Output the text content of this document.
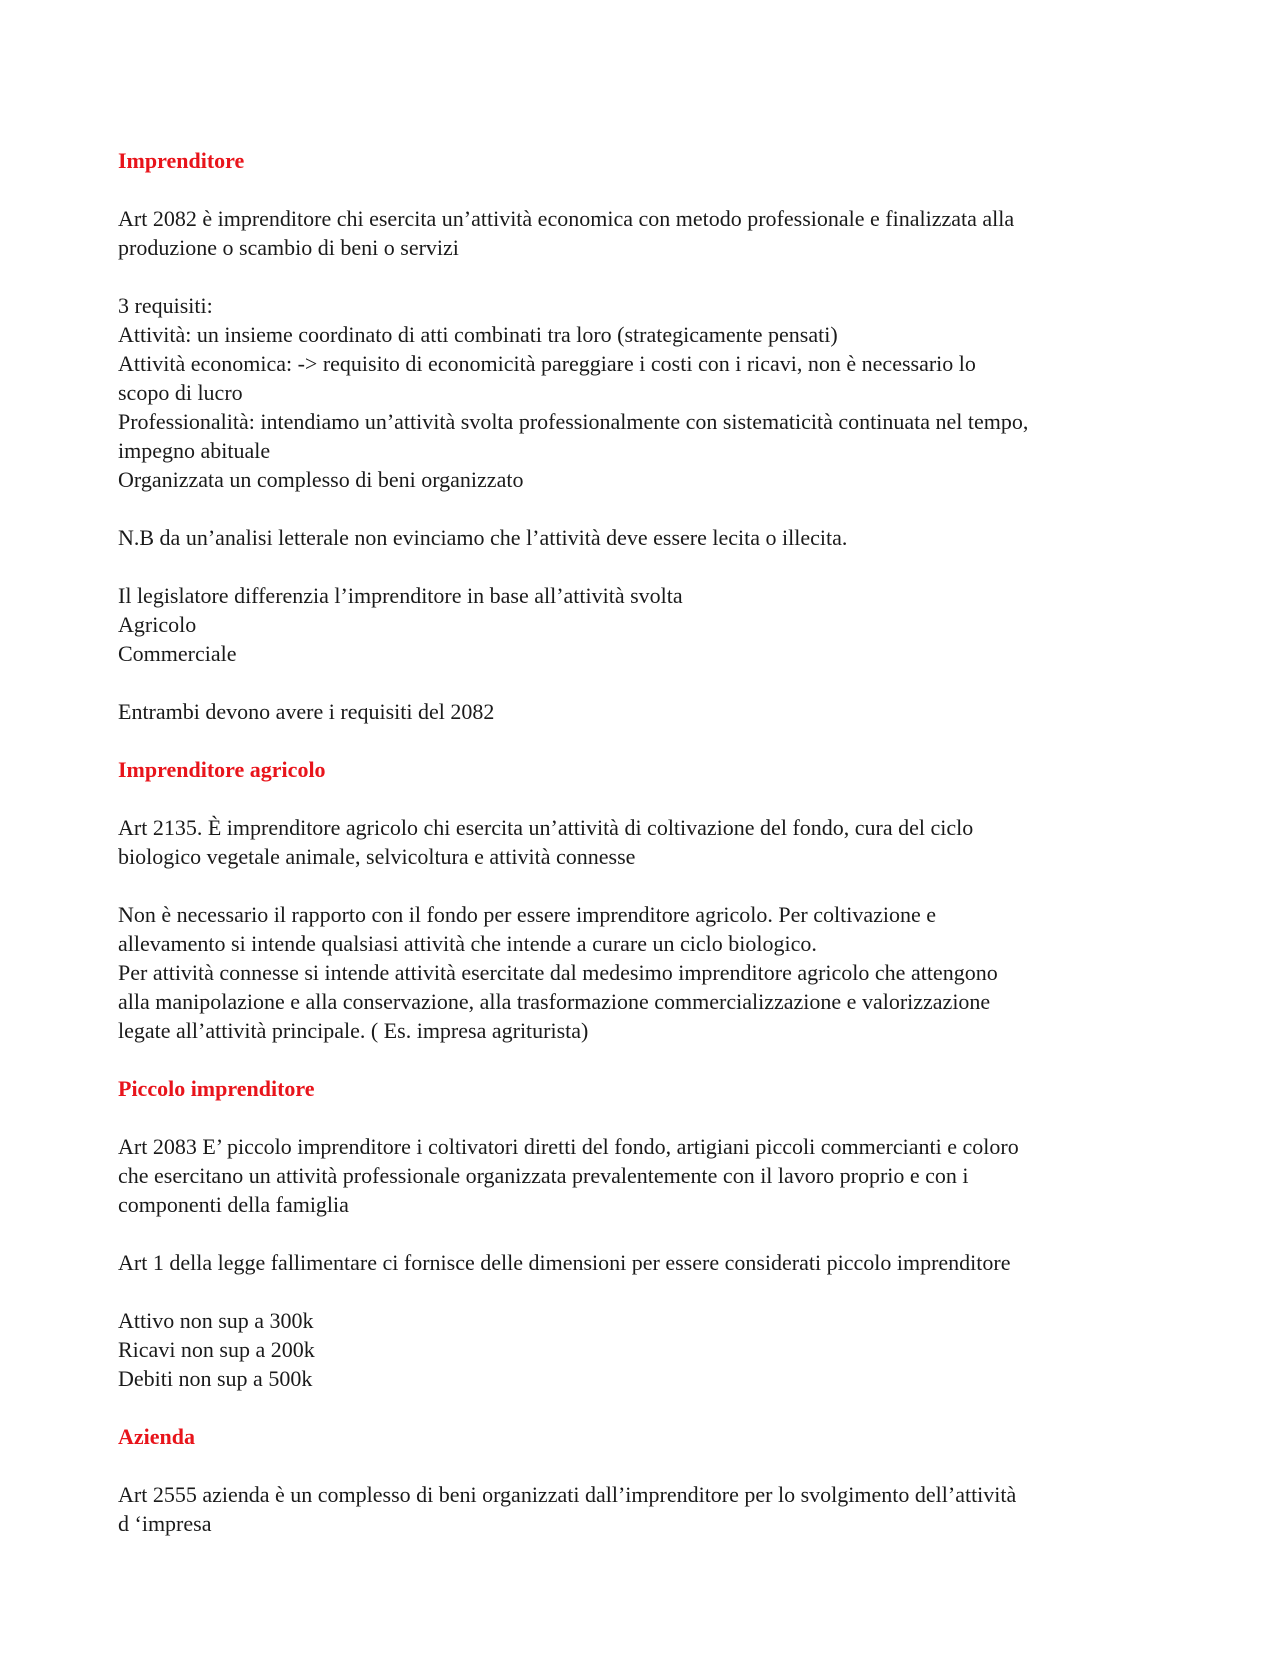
Imprenditore
Art 2082 è imprenditore chi esercita un’attività economica con metodo professionale e finalizzata alla
produzione o scambio di beni o servizi
3 requisiti:
Attività: un insieme coordinato di atti combinati tra loro (strategicamente pensati)
Attività economica: -> requisito di economicità pareggiare i costi con i ricavi, non è necessario lo
scopo di lucro
Professionalità: intendiamo un’attività svolta professionalmente con sistematicità continuata nel tempo,
impegno abituale
Organizzata un complesso di beni organizzato
N.B da un’analisi letterale non evinciamo che l’attività deve essere lecita o illecita.
Il legislatore differenzia l’imprenditore in base all’attività svolta
Agricolo
Commerciale
Entrambi devono avere i requisiti del 2082
Imprenditore agricolo
Art 2135. È imprenditore agricolo chi esercita un’attività di coltivazione del fondo, cura del ciclo
biologico vegetale animale, selvicoltura e attività connesse
Non è necessario il rapporto con il fondo per essere imprenditore agricolo. Per coltivazione e
allevamento si intende qualsiasi attività che intende a curare un ciclo biologico.
Per attività connesse si intende attività esercitate dal medesimo imprenditore agricolo che attengono
alla manipolazione e alla conservazione, alla trasformazione commercializzazione e valorizzazione
legate all’attività principale. ( Es. impresa agriturista)
Piccolo imprenditore
Art 2083 E’ piccolo imprenditore i coltivatori diretti del fondo, artigiani piccoli commercianti e coloro
che esercitano un attività professionale organizzata prevalentemente con il lavoro proprio e con i
componenti della famiglia
Art 1 della legge fallimentare ci fornisce delle dimensioni per essere considerati piccolo imprenditore
Attivo non sup a 300k
Ricavi non sup a 200k
Debiti non sup a 500k
Azienda
Art 2555 azienda è un complesso di beni organizzati dall’imprenditore per lo svolgimento dell’attività
d ‘impresa
